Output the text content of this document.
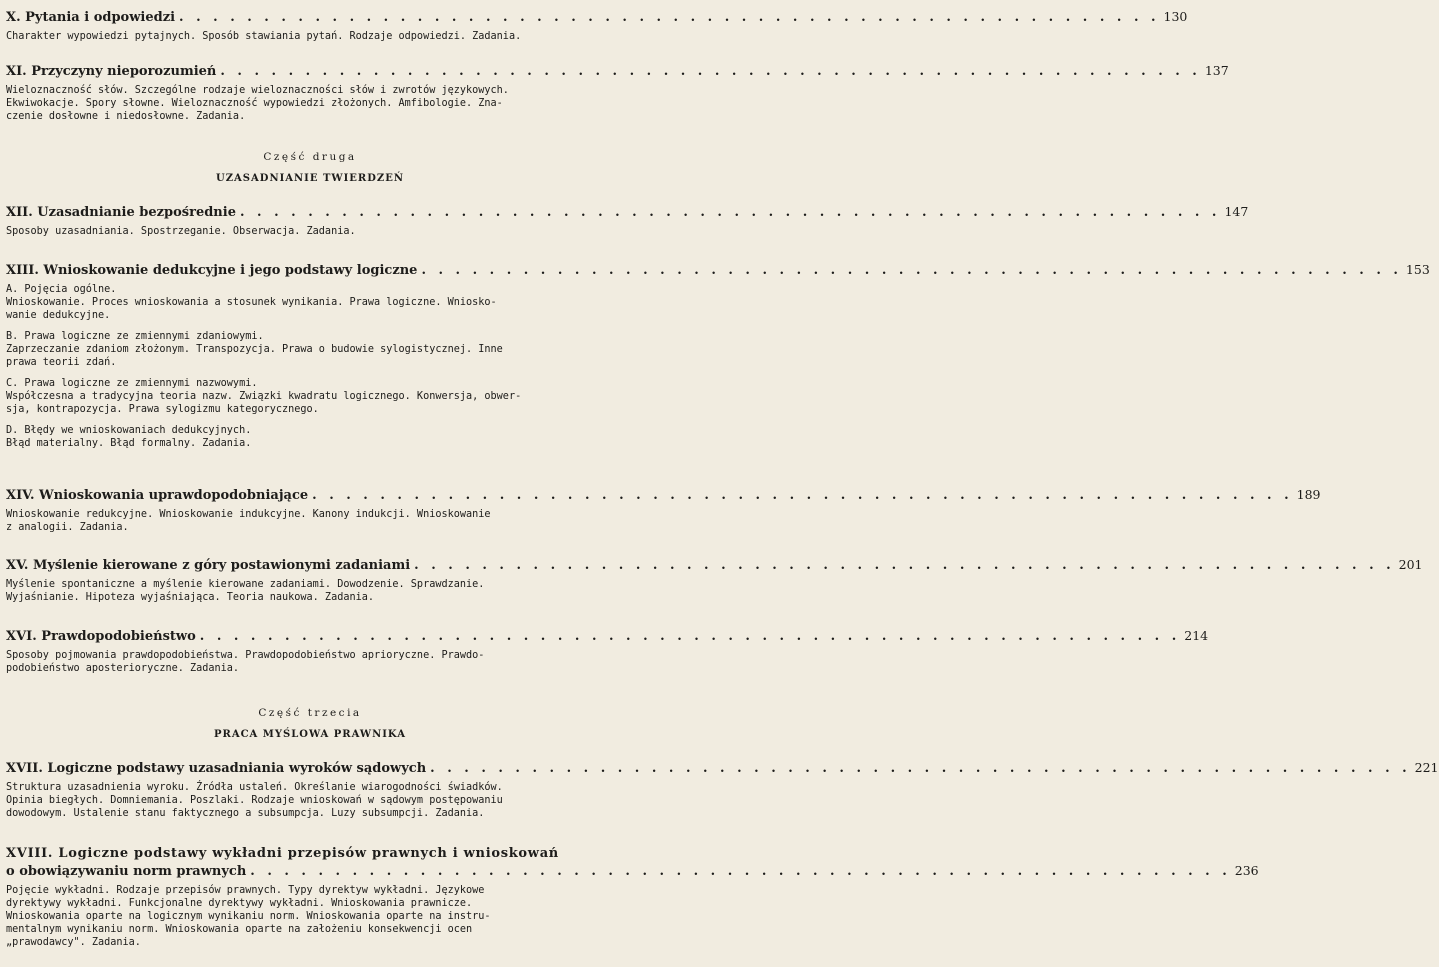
X. Pytania i odpowiedzi . . . . . . . . . . . . . . . . . . . . . . . . . . . . . . . . . . . . . . . . . . . . . . . . . . . . . . . . . . 130
Charakter wypowiedzi pytajnych. Sposób stawiania pytań. Rodzaje odpowiedzi. Zadania.
XI. Przyczyny nieporozumień . . . . . . . . . . . . . . . . . . . . . . . . . . . . . . . . . . . . . . . . . . . . . . . . . . . . . . . . . . 137
Wieloznaczność słów. Szczególne rodzaje wieloznaczności słów i zwrotów językowych.
Ekwiwokacje. Spory słowne. Wieloznaczność wypowiedzi złożonych. Amfibologie. Zna-
czenie dosłowne i niedosłowne. Zadania.
Część druga
UZASADNIANIE TWIERDZEŃ
XII. Uzasadnianie bezpośrednie . . . . . . . . . . . . . . . . . . . . . . . . . . . . . . . . . . . . . . . . . . . . . . . . . . . . . . . . . . 147
Sposoby uzasadniania. Spostrzeganie. Obserwacja. Zadania.
XIII. Wnioskowanie dedukcyjne i jego podstawy logiczne . . . . . . . . . . . . . . . . . . . . . . . . . . . . . . . . . . . . . . . . . . . . . . . . . . . . . . . . . . 153
A. Pojęcia ogólne.
Wnioskowanie. Proces wnioskowania a stosunek wynikania. Prawa logiczne. Wniosko-
wanie dedukcyjne.
B. Prawa logiczne ze zmiennymi zdaniowymi.
Zaprzeczanie zdaniom złożonym. Transpozycja. Prawa o budowie sylogistycznej. Inne
prawa teorii zdań.
C. Prawa logiczne ze zmiennymi nazwowymi.
Współczesna a tradycyjna teoria nazw. Związki kwadratu logicznego. Konwersja, obwer-
sja, kontrapozycja. Prawa sylogizmu kategorycznego.
D. Błędy we wnioskowaniach dedukcyjnych.
Błąd materialny. Błąd formalny. Zadania.
XIV. Wnioskowania uprawdopodobniające . . . . . . . . . . . . . . . . . . . . . . . . . . . . . . . . . . . . . . . . . . . . . . . . . . . . . . . . . . 189
Wnioskowanie redukcyjne. Wnioskowanie indukcyjne. Kanony indukcji. Wnioskowanie
z analogii. Zadania.
XV. Myślenie kierowane z góry postawionymi zadaniami . . . . . . . . . . . . . . . . . . . . . . . . . . . . . . . . . . . . . . . . . . . . . . . . . . . . . . . . . . 201
Myślenie spontaniczne a myślenie kierowane zadaniami. Dowodzenie. Sprawdzanie.
Wyjaśnianie. Hipoteza wyjaśniająca. Teoria naukowa. Zadania.
XVI. Prawdopodobieństwo . . . . . . . . . . . . . . . . . . . . . . . . . . . . . . . . . . . . . . . . . . . . . . . . . . . . . . . . . . 214
Sposoby pojmowania prawdopodobieństwa. Prawdopodobieństwo aprioryczne. Prawdo-
podobieństwo aposterioryczne. Zadania.
Część trzecia
PRACA MYŚLOWA PRAWNIKA
XVII. Logiczne podstawy uzasadniania wyroków sądowych . . . . . . . . . . . . . . . . . . . . . . . . . . . . . . . . . . . . . . . . . . . . . . . . . . . . . . . . . . 221
Struktura uzasadnienia wyroku. Źródła ustaleń. Określanie wiarogodności świadków.
Opinia biegłych. Domniemania. Poszlaki. Rodzaje wnioskowań w sądowym postępowaniu
dowodowym. Ustalenie stanu faktycznego a subsumpcja. Luzy subsumpcji. Zadania.
XVIII. Logiczne podstawy wykładni przepisów prawnych i wnioskowań
o obowiązywaniu norm prawnych . . . . . . . . . . . . . . . . . . . . . . . . . . . . . . . . . . . . . . . . . . . . . . . . . . . . . . . . . . 236
Pojęcie wykładni. Rodzaje przepisów prawnych. Typy dyrektyw wykładni. Językowe
dyrektywy wykładni. Funkcjonalne dyrektywy wykładni. Wnioskowania prawnicze.
Wnioskowania oparte na logicznym wynikaniu norm. Wnioskowania oparte na instru-
mentalnym wynikaniu norm. Wnioskowania oparte na założeniu konsekwencji ocen
„prawodawcy". Zadania.
